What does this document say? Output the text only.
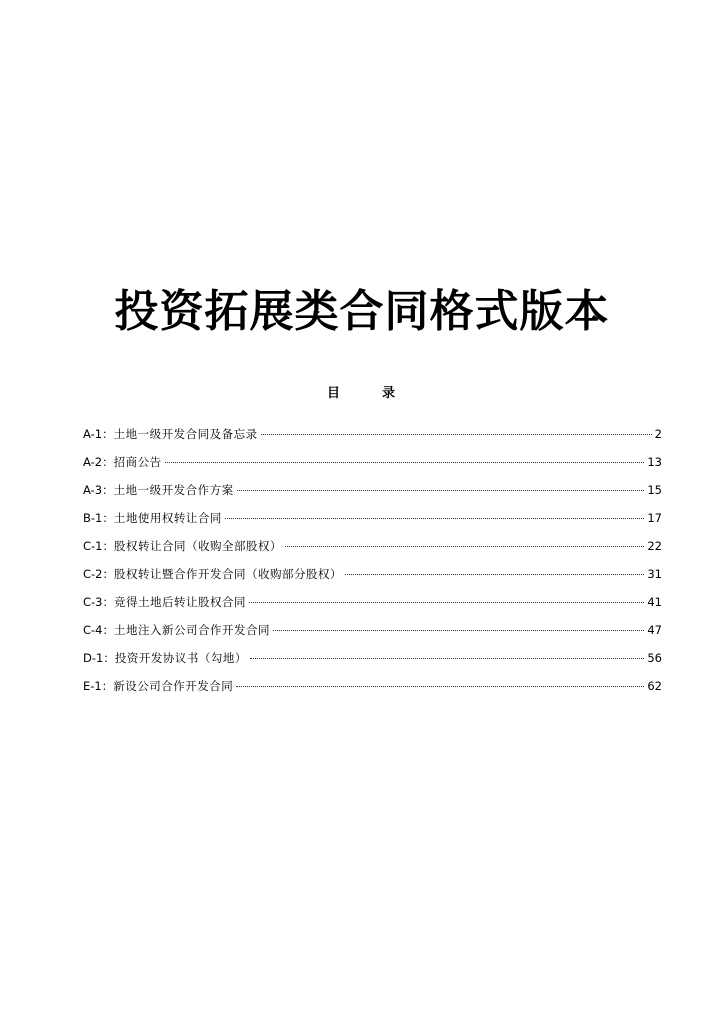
投资拓展类合同格式版本
目	录
A-1 ： 土地一级开发合同及备忘录	2
A-2 ： 招商公告	13
A-3 ： 土地一级开发合作方案	15
B-1 ： 土地使用权转让合同	17
C-1 ： 股权转让合同（收购全部股权）	22
C-2 ： 股权转让暨合作开发合同（收购部分股权）	31
C-3 ： 竞得土地后转让股权合同	41
C-4 ： 土地注入新公司合作开发合同	47
D-1 ： 投资开发协议书（勾地）	56
E-1 ： 新设公司合作开发合同	62
